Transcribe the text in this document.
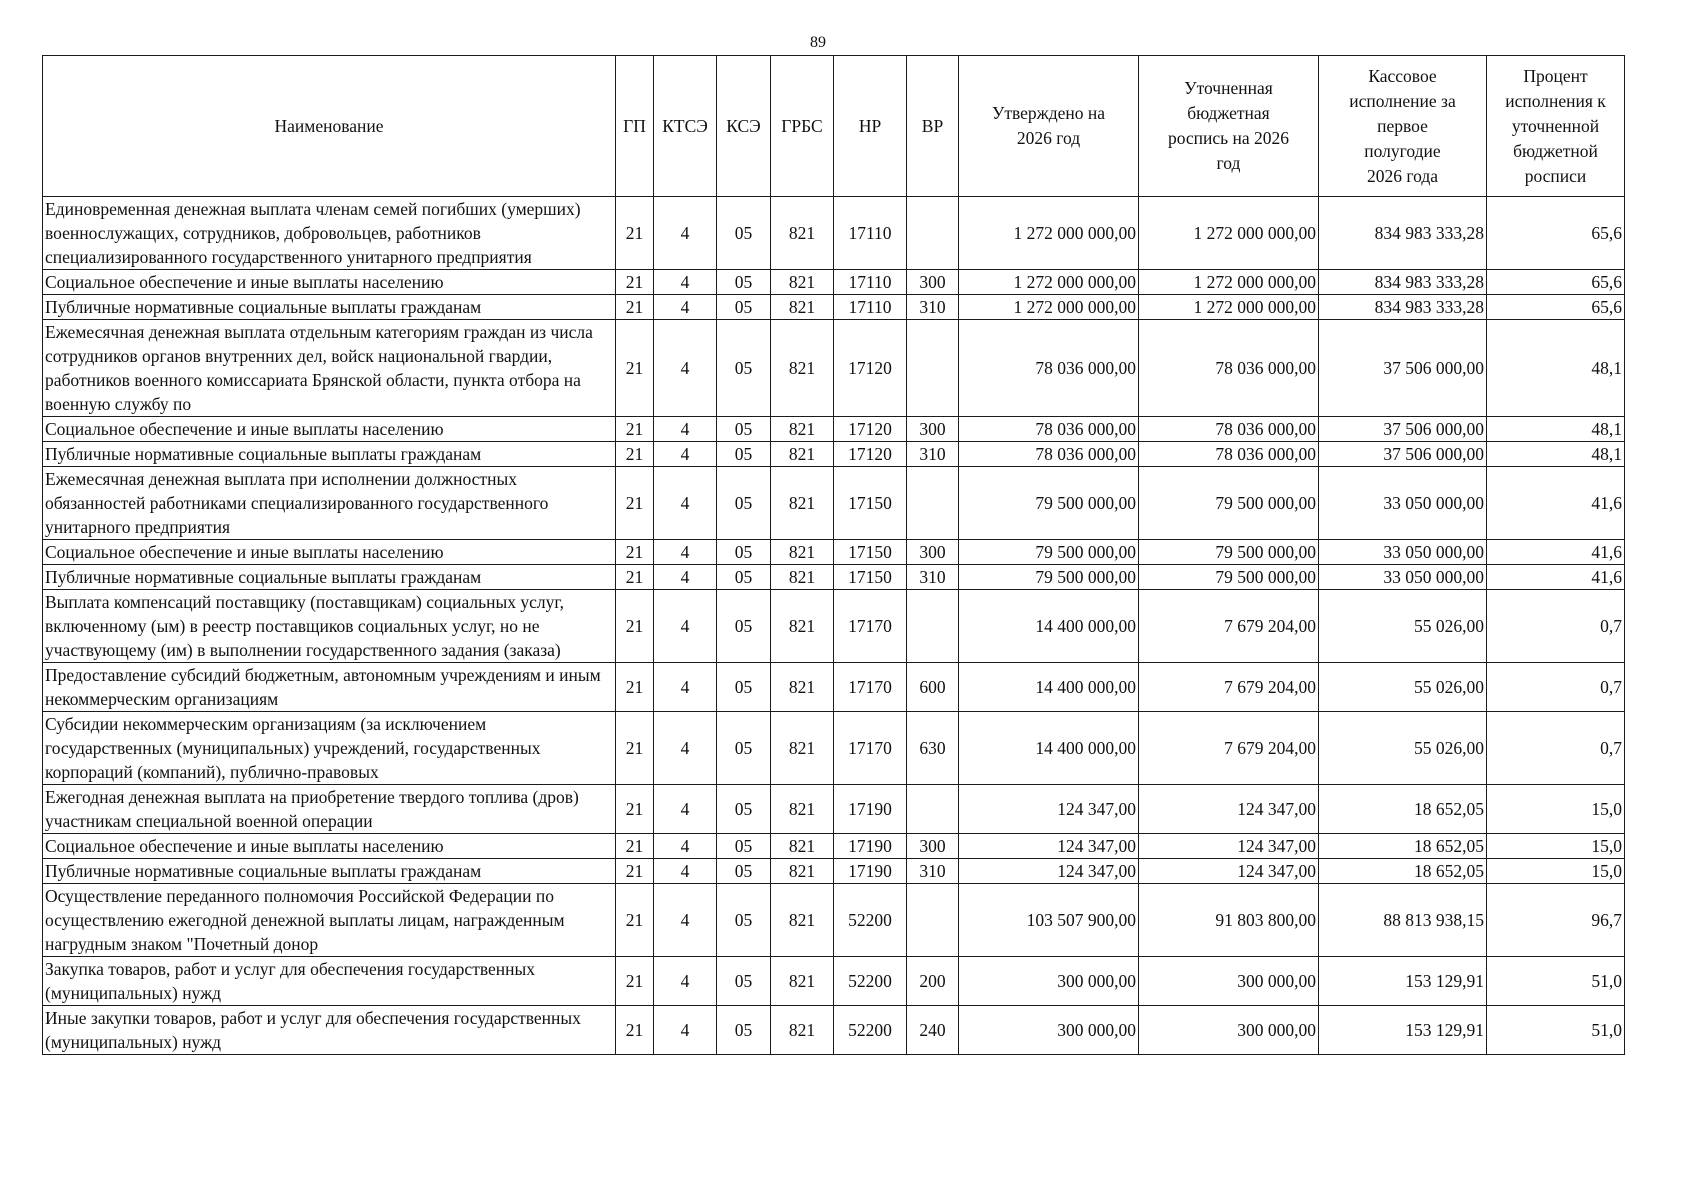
89
Наименование	ГП	КТСЭ	КСЭ	ГРБС	НР	ВР	Утверждено на 2026 год	Уточненная бюджетная роспись на 2026 год	Кассовое исполнение за первое полугодие 2026 года	Процент исполнения к уточненной бюджетной росписи

Единовременная денежная выплата членам семей погибших (умерших) военнослужащих, сотрудников, добровольцев, работников специализированного государственного унитарного предприятия	21	4	05	821	17110		1 272 000 000,00	1 272 000 000,00	834 983 333,28	65,6
Социальное обеспечение и иные выплаты населению	21	4	05	821	17110	300	1 272 000 000,00	1 272 000 000,00	834 983 333,28	65,6
Публичные нормативные социальные выплаты гражданам	21	4	05	821	17110	310	1 272 000 000,00	1 272 000 000,00	834 983 333,28	65,6
Ежемесячная денежная выплата отдельным категориям граждан из числа сотрудников органов внутренних дел, войск национальной гвардии, работников военного комиссариата Брянской области, пункта отбора на военную службу по	21	4	05	821	17120		78 036 000,00	78 036 000,00	37 506 000,00	48,1
Социальное обеспечение и иные выплаты населению	21	4	05	821	17120	300	78 036 000,00	78 036 000,00	37 506 000,00	48,1
Публичные нормативные социальные выплаты гражданам	21	4	05	821	17120	310	78 036 000,00	78 036 000,00	37 506 000,00	48,1
Ежемесячная денежная выплата при исполнении должностных обязанностей работниками специализированного государственного унитарного предприятия	21	4	05	821	17150		79 500 000,00	79 500 000,00	33 050 000,00	41,6
Социальное обеспечение и иные выплаты населению	21	4	05	821	17150	300	79 500 000,00	79 500 000,00	33 050 000,00	41,6
Публичные нормативные социальные выплаты гражданам	21	4	05	821	17150	310	79 500 000,00	79 500 000,00	33 050 000,00	41,6
Выплата компенсаций поставщику (поставщикам) социальных услуг, включенному (ым) в реестр поставщиков социальных услуг, но не участвующему (им) в выполнении государственного задания (заказа)	21	4	05	821	17170		14 400 000,00	7 679 204,00	55 026,00	0,7
Предоставление субсидий бюджетным, автономным учреждениям и иным некоммерческим организациям	21	4	05	821	17170	600	14 400 000,00	7 679 204,00	55 026,00	0,7
Субсидии некоммерческим организациям (за исключением государственных (муниципальных) учреждений, государственных корпораций (компаний), публично-правовых	21	4	05	821	17170	630	14 400 000,00	7 679 204,00	55 026,00	0,7
Ежегодная денежная выплата на приобретение твердого топлива (дров) участникам специальной военной операции	21	4	05	821	17190		124 347,00	124 347,00	18 652,05	15,0
Социальное обеспечение и иные выплаты населению	21	4	05	821	17190	300	124 347,00	124 347,00	18 652,05	15,0
Публичные нормативные социальные выплаты гражданам	21	4	05	821	17190	310	124 347,00	124 347,00	18 652,05	15,0
Осуществление переданного полномочия Российской Федерации по осуществлению ежегодной денежной выплаты лицам, награжденным нагрудным знаком "Почетный донор	21	4	05	821	52200		103 507 900,00	91 803 800,00	88 813 938,15	96,7
Закупка товаров, работ и услуг для обеспечения государственных (муниципальных) нужд	21	4	05	821	52200	200	300 000,00	300 000,00	153 129,91	51,0
Иные закупки товаров, работ и услуг для обеспечения государственных (муниципальных) нужд	21	4	05	821	52200	240	300 000,00	300 000,00	153 129,91	51,0
